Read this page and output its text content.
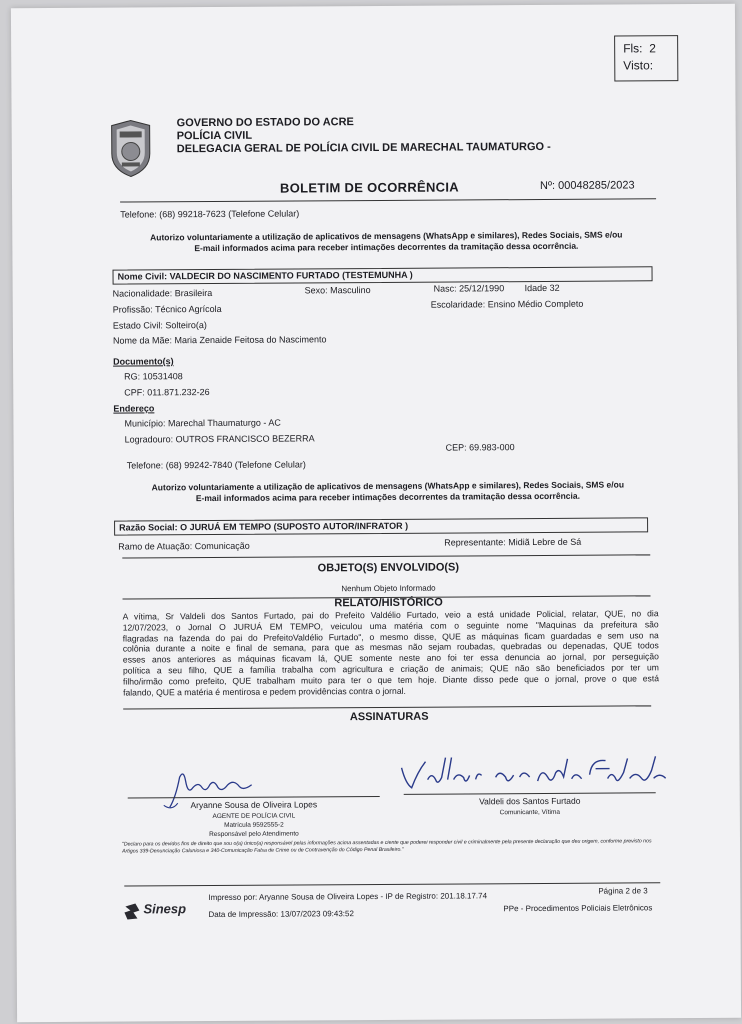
Fls: 2
Visto:
GOVERNO DO ESTADO DO ACRE
POLÍCIA CIVIL
DELEGACIA GERAL DE POLÍCIA CIVIL DE MARECHAL TAUMATURGO -
BOLETIM DE OCORRÊNCIA	Nº: 00048285/2023
Telefone: (68) 99218-7623 (Telefone Celular)
Autorizo voluntariamente a utilização de aplicativos de mensagens (WhatsApp e similares), Redes Sociais, SMS e/ou
E-mail informados acima para receber intimações decorrentes da tramitação dessa ocorrência.
Nome Civil: VALDECIR DO NASCIMENTO FURTADO (TESTEMUNHA )
Nacionalidade: Brasileira	Sexo: Masculino	Nasc: 25/12/1990 Idade 32
Profissão: Técnico Agrícola	Escolaridade: Ensino Médio Completo
Estado Civil: Solteiro(a)
Nome da Mãe: Maria Zenaide Feitosa do Nascimento
Documento(s)
RG: 10531408
CPF: 011.871.232-26
Endereço
Município: Marechal Thaumaturgo - AC
Logradouro: OUTROS FRANCISCO BEZERRA
CEP: 69.983-000
Telefone: (68) 99242-7840 (Telefone Celular)
Autorizo voluntariamente a utilização de aplicativos de mensagens (WhatsApp e similares), Redes Sociais, SMS e/ou
E-mail informados acima para receber intimações decorrentes da tramitação dessa ocorrência.
Razão Social: O JURUÁ EM TEMPO (SUPOSTO AUTOR/INFRATOR )
Ramo de Atuação: Comunicação	Representante: Midiã Lebre de Sá
OBJETO(S) ENVOLVIDO(S)
Nenhum Objeto Informado
RELATO/HISTÓRICO
A vítima, Sr Valdeli dos Santos Furtado, pai do Prefeito Valdélio Furtado, veio a está unidade Policial, relatar, QUE, no dia
12/07/2023, o Jornal O JURUÁ EM TEMPO, veiculou uma matéria com o seguinte nome "Maquinas da prefeitura são
flagradas na fazenda do pai do PrefeitoValdélio Furtado", o mesmo disse, QUE as máquinas ficam guardadas e sem uso na
colônia durante a noite e final de semana, para que as mesmas não sejam roubadas, quebradas ou depenadas, QUE todos
esses anos anteriores as máquinas ficavam lá, QUE somente neste ano foi ter essa denuncia ao jornal, por perseguição
política a seu filho, QUE a família trabalha com agricultura e criação de animais; QUE não são beneficiados por ter um
filho/irmão como prefeito, QUE trabalham muito para ter o que tem hoje. Diante disso pede que o jornal, prove o que está
falando, QUE a matéria é mentirosa e pedem providências contra o jornal.
ASSINATURAS
Aryanne Sousa de Oliveira Lopes
AGENTE DE POLÍCIA CIVIL
Matrícula 9592555-2
Responsável pelo Atendimento
Valdeli dos Santos Furtado
Comunicante, Vítima
"Declaro para os devidos fins de direito que sou o(a) único(a) responsável pelas informações acima assentadas e ciente que poderei responder civil e criminalmente pela presente declaração que deu origem, conforme previsto nos Artigos 339-Denunciação Caluniosa e 340-Comunicação Falsa de Crime ou de Contravenção do Código Penal Brasileiro."
Sinesp
Impresso por: Aryanne Sousa de Oliveira Lopes - IP de Registro: 201.18.17.74
Data de Impressão: 13/07/2023 09:43:52
Página 2 de 3
PPe - Procedimentos Policiais Eletrônicos
